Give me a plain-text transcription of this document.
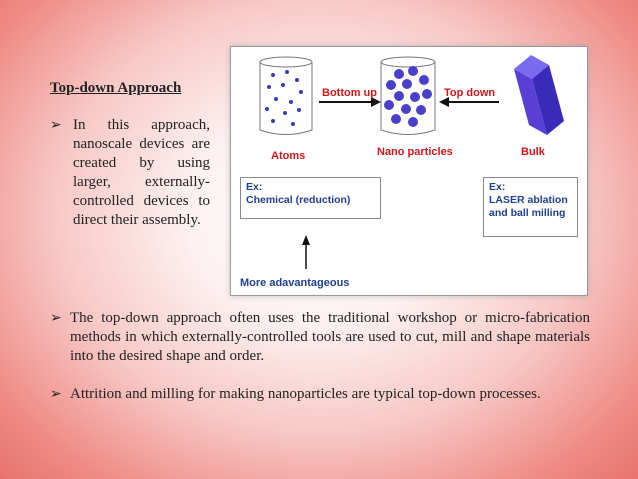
Top-down Approach
➢ In this approach, nanoscale devices are created by using larger, externally-controlled devices to direct their assembly.
Bottom up	Top down
Atoms	Nano particles	Bulk
Ex:
Chemical (reduction)
Ex:
LASER ablation
and ball milling
More adavantageous
➢ The top-down approach often uses the traditional workshop or micro-fabrication methods in which externally-controlled tools are used to cut, mill and shape materials into the desired shape and order.
➢ Attrition and milling for making nanoparticles are typical top-down processes.
